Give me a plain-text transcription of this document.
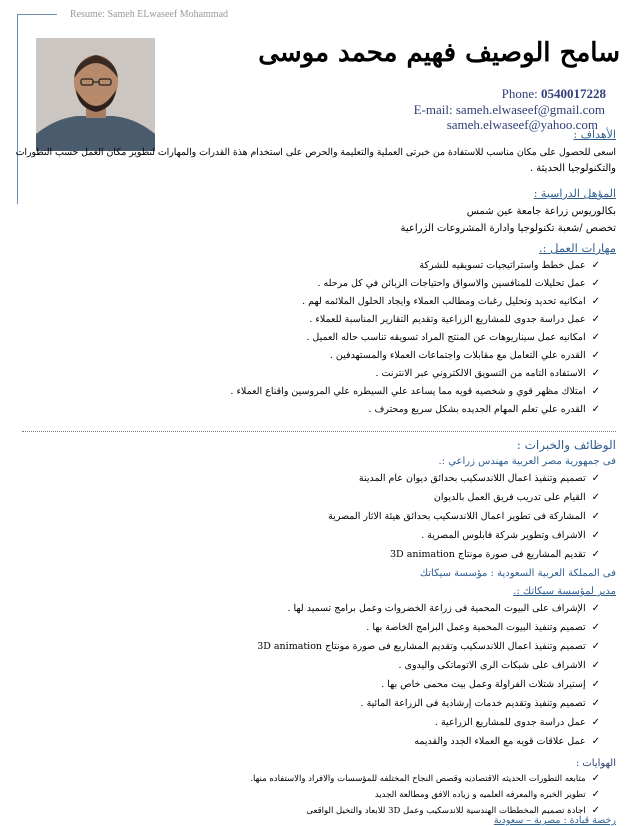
Resume: Sameh ELwaseef Mohammad
سامح الوصيف فهيم محمد موسى
Phone: 0540017228
E-mail: sameh.elwaseef@gmail.com
sameh.elwaseef@yahoo.com
الأهداف :
اسعى للحصول على مكان مناسب للاستفادة من خبرتى العملية والتعليمة والحرص على استخدام هذة القدرات والمهارات لتطوير مكان العمل حسب التطورات
والتكنولوجيا الحديثة .
المؤهل الدراسية :
بكالوريوس زراعة جامعة عين شمس
تخصص /شعبة تكنولوجيا وادارة المشروعات الزراعية
مهارات العمل :.
✓عمل خطط واستراتيجيات تسويقيه للشركة
✓عمل تحليلات للمنافسين والاسواق واحتياجات الزبائن في كل مرحله .
✓امكانيه تحديد وتحليل رغبات ومطالب العملاء وايجاد الحلول الملائمه لهم .
✓عمل دراسة جدوى للمشاريع الزراعية وتقديم التقارير المناسبة للعملاء .
✓امكانيه عمل سيناريوهات عن المنتج المراد تسويقه تناسب حاله العميل .
✓القدره علي التعامل مع مقابلات واجتماعات العملاء والمستهدفين .
✓الاستفاده التامه من التسويق الالكتروني عبر الانترنت .
✓امتلاك مظهر قوي و شخصيه قويه مما يساعد علي السيطره علي المروسين واقناع العملاء .
✓القدره علي تعلم المهام الجديده بشكل سريع ومحترف .
الوظائف والخبرات :
فى جمهورية مصر العربية مهندس زراعي :.
✓تصميم وتنفيذ اعمال اللاندسكيب بحدائق ديوان عام المدينة
✓القيام على تدريب فريق العمل بالديوان
✓المشاركة فى تطوير اعمال اللاندسكيب بحدائق هيئة الاثار المصرية
✓الاشراف وتطوير شركة فابلوس المصرية .
✓تقديم المشاريع فى صورة مونتاج 3D animation
فى المملكة العربية السعودية : مؤسسة سيكاتك
مدير لمؤسسة سيكاتك :.
✓الإشراف على البيوت المحمية فى زراعة الخضروات وعمل برامج تسميد لها .
✓تصميم وتنفيذ البيوت المحمية وعمل البرامج الخاصة بها .
✓تصميم وتنفيذ اعمال اللاندسكيب وتقديم المشاريع فى صورة مونتاج 3D animation
✓الاشراف على شبكات الرى الاتوماتكى واليدوى .
✓إستيراد شتلات الفراولة وعمل بيت محمى خاص بها .
✓تصميم وتنفيذ وتقديم خدمات إرشادية فى الزراعة المائية .
✓عمل دراسة جدوى للمشاريع الزراعية .
✓عمل علاقات قويه مع العملاء الجدد والقديمه
الهوايات :
✓متابعه التطورات الحديثه الاقتصاديه وقصص النجاح المختلفه للمؤسسات والافراد والاستفاده منها.
✓تطوير الخبره والمعرفه العلميه و زياده الافق ومطالعة الجديد
✓اجادة تصميم المخططات الهندسية للاندسكيب وعمل 3D للابعاد والتخيل الواقعى
رخصة قيادة : مصرية – سعودية
